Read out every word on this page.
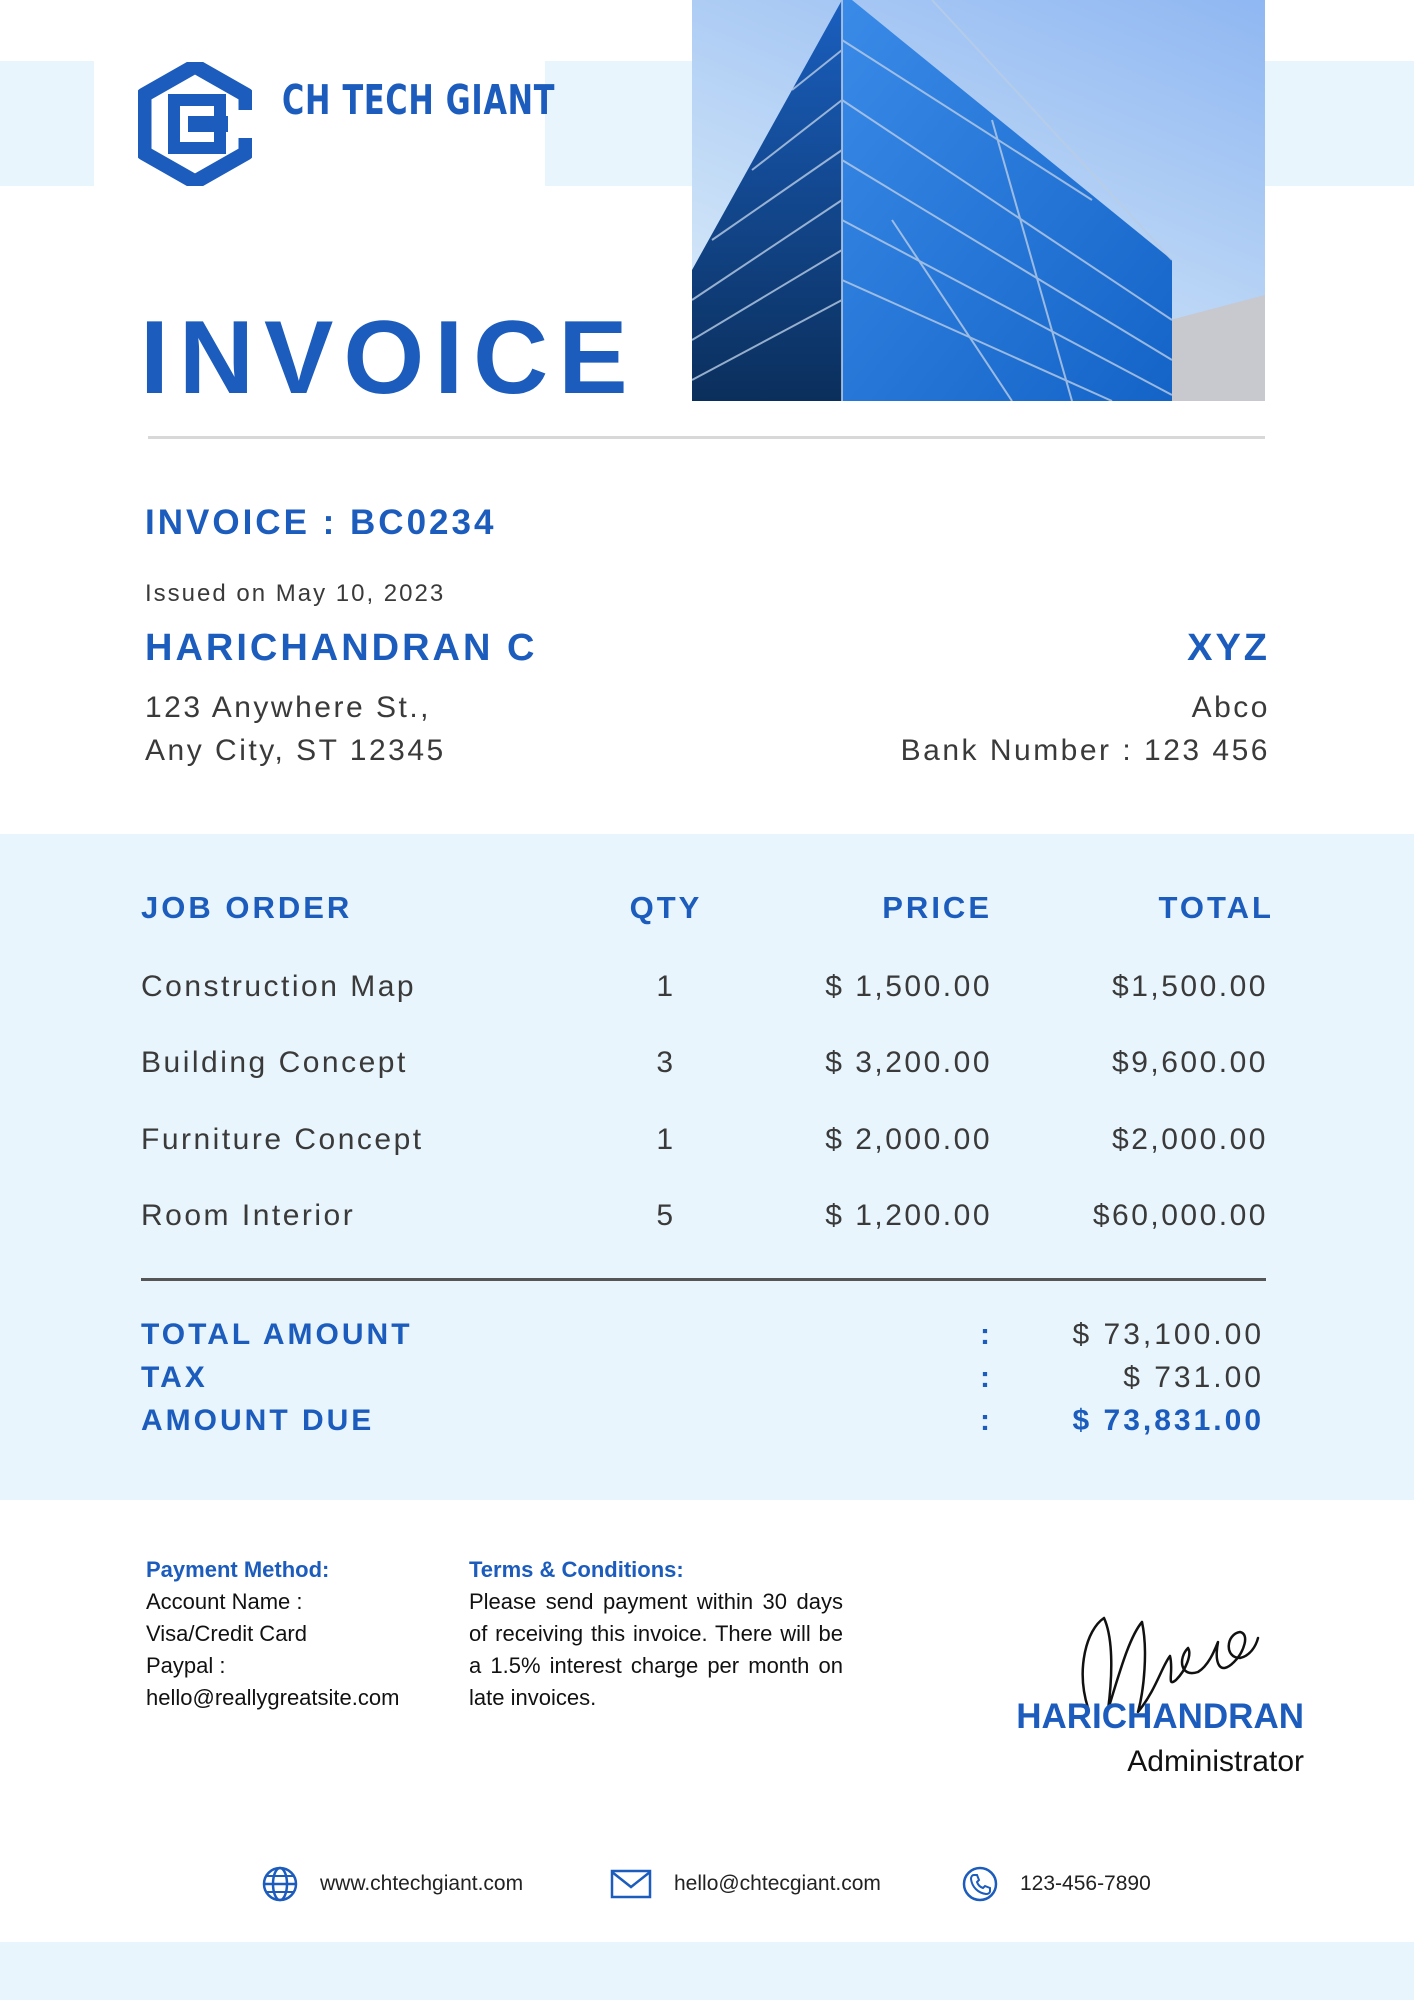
CH TECH GIANT
INVOICE
INVOICE : BC0234
Issued on May 10, 2023
HARICHANDRAN C
123 Anywhere St.,
Any City, ST 12345
XYZ
Abco
Bank Number : 123 456
JOB ORDER	QTY	PRICE	TOTAL
Construction Map	1	$ 1,500.00	$1,500.00
Building Concept	3	$ 3,200.00	$9,600.00
Furniture Concept	1	$ 2,000.00	$2,000.00
Room Interior	5	$ 1,200.00	$60,000.00
TOTAL AMOUNT	:	$ 73,100.00
TAX	:	$ 731.00
AMOUNT DUE	:	$ 73,831.00
Payment Method:
Account Name :
Visa/Credit Card
Paypal :
hello@reallygreatsite.com
Terms & Conditions:
Please send payment within 30 days of receiving this invoice. There will be a 1.5% interest charge per month on late invoices.	HARICHANDRAN
Administrator
www.chtechgiant.com	hello@chtecgiant.com	123-456-7890
